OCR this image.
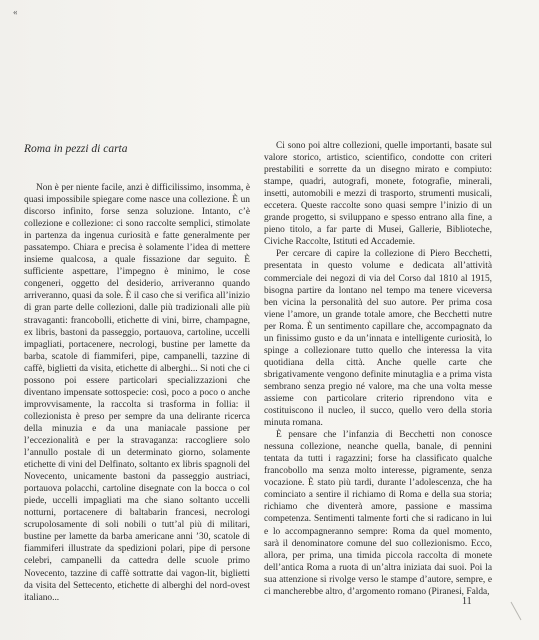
«
Roma in pezzi di carta

Non è per niente facile, anzi è difficilissimo, insomma, è quasi impossibile spiegare come nasce una collezione. È un discorso infinito, forse senza soluzione. Intanto, c’è collezione e collezione: ci sono raccolte semplici, stimolate in partenza da ingenua curiosità e fatte generalmente per passatempo. Chiara e precisa è solamente l’idea di mettere insieme qualcosa, a quale fissazione dar seguito. È sufficiente aspettare, l’impegno è minimo, le cose congeneri, oggetto del desiderio, arriveranno quando arriveranno, quasi da sole. È il caso che si verifica all’inizio di gran parte delle collezioni, dalle più tradizionali alle più stravaganti: francobolli, etichette di vini, birre, champagne, ex libris, bastoni da passeggio, portauova, cartoline, uccelli impagliati, portacenere, necrologi, bustine per lamette da barba, scatole di fiammiferi, pipe, campanelli, tazzine di caffè, biglietti da visita, etichette di alberghi... Si noti che ci possono poi essere particolari specializzazioni che diventano impensate sottospecie: così, poco a poco o anche improvvisamente, la raccolta si trasforma in follia: il collezionista è preso per sempre da una delirante ricerca della minuzia e da una maniacale passione per l’eccezionalità e per la stravaganza: raccogliere solo l’annullo postale di un determinato giorno, solamente etichette di vini del Delfinato, soltanto ex libris spagnoli del Novecento, unicamente bastoni da passeggio austriaci, portauova polacchi, cartoline disegnate con la bocca o col piede, uccelli impagliati ma che siano soltanto uccelli notturni, portacenere di baltabarin francesi, necrologi scrupolosamente di soli nobili o tutt’al più di militari, bustine per lamette da barba americane anni ’30, scatole di fiammiferi illustrate da spedizioni polari, pipe di persone celebri, campanelli da cattedra delle scuole primo Novecento, tazzine di caffè sottratte dai vagon-lit, biglietti da visita del Settecento, etichette di alberghi del nord-ovest italiano...

Ci sono poi altre collezioni, quelle importanti, basate sul valore storico, artistico, scientifico, condotte con criteri prestabiliti e sorrette da un disegno mirato e compiuto: stampe, quadri, autografi, monete, fotografie, minerali, insetti, automobili e mezzi di trasporto, strumenti musicali, eccetera. Queste raccolte sono quasi sempre l’inizio di un grande progetto, si sviluppano e spesso entrano alla fine, a pieno titolo, a far parte di Musei, Gallerie, Biblioteche, Civiche Raccolte, Istituti ed Accademie.

Per cercare di capire la collezione di Piero Becchetti, presentata in questo volume e dedicata all’attività commerciale dei negozi di via del Corso dal 1810 al 1915, bisogna partire da lontano nel tempo ma tenere viceversa ben vicina la personalità del suo autore. Per prima cosa viene l’amore, un grande totale amore, che Becchetti nutre per Roma. È un sentimento capillare che, accompagnato da un finissimo gusto e da un’innata e intelligente curiosità, lo spinge a collezionare tutto quello che interessa la vita quotidiana della città. Anche quelle carte che sbrigativamente vengono definite minutaglia e a prima vista sembrano senza pregio né valore, ma che una volta messe assieme con particolare criterio riprendono vita e costituiscono il nucleo, il succo, quello vero della storia minuta romana.

È pensare che l’infanzia di Becchetti non conosce nessuna collezione, neanche quella, banale, di pennini tentata da tutti i ragazzini; forse ha classificato qualche francobollo ma senza molto interesse, pigramente, senza vocazione. È stato più tardi, durante l’adolescenza, che ha cominciato a sentire il richiamo di Roma e della sua storia; richiamo che diventerà amore, passione e massima competenza. Sentimenti talmente forti che si radicano in lui e lo accompagneranno sempre: Roma da quel momento, sarà il denominatore comune del suo collezionismo. Ecco, allora, per prima, una timida piccola raccolta di monete dell’antica Roma a ruota di un’altra iniziata dai suoi. Poi la sua attenzione si rivolge verso le stampe d’autore, sempre, e ci mancherebbe altro, d’argomento romano (Piranesi, Falda,

11
